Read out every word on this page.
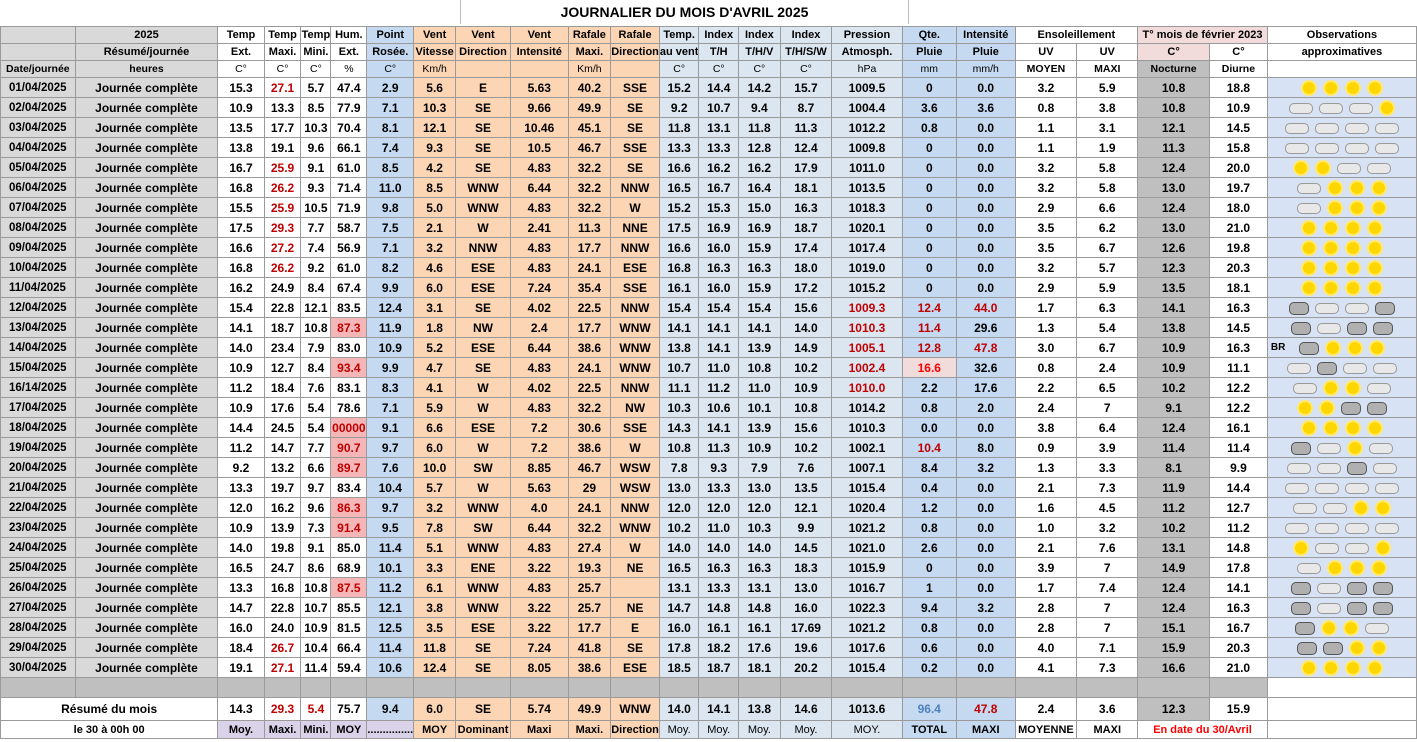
JOURNALIER DU MOIS D'AVRIL 2025
	2025	Temp	Temp	Temp	Hum.	Point	Vent	Vent	Vent	Rafale	Rafale	Temp.	Index	Index	Index	Pression	Qte.	Intensité	Ensoleillement		T° mois de février 2023		Observations
	Résumé/journée	Ext.	Maxi.	Mini.	Ext.	Rosée.	Vitesse	Direction	Intensité	Maxi.	Direction	au vent	T/H	T/H/V	T/H/S/W	Atmosph.	Pluie	Pluie	UV	UV	C°	C°	approximatives
Date/journée	heures	C°	C°	C°	%	C°	Km/h			Km/h		C°	C°	C°	C°	hPa	mm	mm/h	MOYEN	MAXI	Nocturne	Diurne	
01/04/2025	Journée complète	15.3	27.1	5.7	47.4	2.9	5.6	E	5.63	40.2	SSE	15.2	14.4	14.2	15.7	1009.5	0	0.0	3.2	5.9	10.8	18.8	
02/04/2025	Journée complète	10.9	13.3	8.5	77.9	7.1	10.3	SE	9.66	49.9	SE	9.2	10.7	9.4	8.7	1004.4	3.6	3.6	0.8	3.8	10.8	10.9	
03/04/2025	Journée complète	13.5	17.7	10.3	70.4	8.1	12.1	SE	10.46	45.1	SE	11.8	13.1	11.8	11.3	1012.2	0.8	0.0	1.1	3.1	12.1	14.5	
04/04/2025	Journée complète	13.8	19.1	9.6	66.1	7.4	9.3	SE	10.5	46.7	SSE	13.3	13.3	12.8	12.4	1009.8	0	0.0	1.1	1.9	11.3	15.8	
05/04/2025	Journée complète	16.7	25.9	9.1	61.0	8.5	4.2	SE	4.83	32.2	SE	16.6	16.2	16.2	17.9	1011.0	0	0.0	3.2	5.8	12.4	20.0	
06/04/2025	Journée complète	16.8	26.2	9.3	71.4	11.0	8.5	WNW	6.44	32.2	NNW	16.5	16.7	16.4	18.1	1013.5	0	0.0	3.2	5.8	13.0	19.7	
07/04/2025	Journée complète	15.5	25.9	10.5	71.9	9.8	5.0	WNW	4.83	32.2	W	15.2	15.3	15.0	16.3	1018.3	0	0.0	2.9	6.6	12.4	18.0	
08/04/2025	Journée complète	17.5	29.3	7.7	58.7	7.5	2.1	W	2.41	11.3	NNE	17.5	16.9	16.9	18.7	1020.1	0	0.0	3.5	6.2	13.0	21.0	
09/04/2025	Journée complète	16.6	27.2	7.4	56.9	7.1	3.2	NNW	4.83	17.7	NNW	16.6	16.0	15.9	17.4	1017.4	0	0.0	3.5	6.7	12.6	19.8	
10/04/2025	Journée complète	16.8	26.2	9.2	61.0	8.2	4.6	ESE	4.83	24.1	ESE	16.8	16.3	16.3	18.0	1019.0	0	0.0	3.2	5.7	12.3	20.3	
11/04/2025	Journée complète	16.2	24.9	8.4	67.4	9.9	6.0	ESE	7.24	35.4	SSE	16.1	16.0	15.9	17.2	1015.2	0	0.0	2.9	5.9	13.5	18.1	
12/04/2025	Journée complète	15.4	22.8	12.1	83.5	12.4	3.1	SE	4.02	22.5	NNW	15.4	15.4	15.4	15.6	1009.3	12.4	44.0	1.7	6.3	14.1	16.3	
13/04/2025	Journée complète	14.1	18.7	10.8	87.3	11.9	1.8	NW	2.4	17.7	WNW	14.1	14.1	14.1	14.0	1010.3	11.4	29.6	1.3	5.4	13.8	14.5	
14/04/2025	Journée complète	14.0	23.4	7.9	83.0	10.9	5.2	ESE	6.44	38.6	WNW	13.8	14.1	13.9	14.9	1005.1	12.8	47.8	3.0	6.7	10.9	16.3	BR

15/04/2025	Journée complète	10.9	12.7	8.4	93.4	9.9	4.7	SE	4.83	24.1	WNW	10.7	11.0	10.8	10.2	1002.4	16.6	32.6	0.8	2.4	10.9	11.1	
16/14/2025	Journée complète	11.2	18.4	7.6	83.1	8.3	4.1	W	4.02	22.5	NNW	11.1	11.2	11.0	10.9	1010.0	2.2	17.6	2.2	6.5	10.2	12.2	
17/04/2025	Journée complète	10.9	17.6	5.4	78.6	7.1	5.9	W	4.83	32.2	NW	10.3	10.6	10.1	10.8	1014.2	0.8	2.0	2.4	7	9.1	12.2	
18/04/2025	Journée complète	14.4	24.5	5.4	00000	9.1	6.6	ESE	7.2	30.6	SSE	14.3	14.1	13.9	15.6	1010.3	0.0	0.0	3.8	6.4	12.4	16.1	
19/04/2025	Journée complète	11.2	14.7	7.7	90.7	9.7	6.0	W	7.2	38.6	W	10.8	11.3	10.9	10.2	1002.1	10.4	8.0	0.9	3.9	11.4	11.4	
20/04/2025	Journée complète	9.2	13.2	6.6	89.7	7.6	10.0	SW	8.85	46.7	WSW	7.8	9.3	7.9	7.6	1007.1	8.4	3.2	1.3	3.3	8.1	9.9	
21/04/2025	Journée complète	13.3	19.7	9.7	83.4	10.4	5.7	W	5.63	29	WSW	13.0	13.3	13.0	13.5	1015.4	0.4	0.0	2.1	7.3	11.9	14.4	
22/04/2025	Journée complète	12.0	16.2	9.6	86.3	9.7	3.2	WNW	4.0	24.1	NNW	12.0	12.0	12.0	12.1	1020.4	1.2	0.0	1.6	4.5	11.2	12.7	
23/04/2025	Journée complète	10.9	13.9	7.3	91.4	9.5	7.8	SW	6.44	32.2	WNW	10.2	11.0	10.3	9.9	1021.2	0.8	0.0	1.0	3.2	10.2	11.2	
24/04/2025	Journée complète	14.0	19.8	9.1	85.0	11.4	5.1	WNW	4.83	27.4	W	14.0	14.0	14.0	14.5	1021.0	2.6	0.0	2.1	7.6	13.1	14.8	
25/04/2025	Journée complète	16.5	24.7	8.6	68.9	10.1	3.3	ENE	3.22	19.3	NE	16.5	16.3	16.3	18.3	1015.9	0	0.0	3.9	7	14.9	17.8	
26/04/2025	Journée complète	13.3	16.8	10.8	87.5	11.2	6.1	WNW	4.83	25.7		13.1	13.3	13.1	13.0	1016.7	1	0.0	1.7	7.4	12.4	14.1	
27/04/2025	Journée complète	14.7	22.8	10.7	85.5	12.1	3.8	WNW	3.22	25.7	NE	14.7	14.8	14.8	16.0	1022.3	9.4	3.2	2.8	7	12.4	16.3	
28/04/2025	Journée complète	16.0	24.0	10.9	81.5	12.5	3.5	ESE	3.22	17.7	E	16.0	16.1	16.1	17.69	1021.2	0.8	0.0	2.8	7	15.1	16.7	
29/04/2025	Journée complète	18.4	26.7	10.4	66.4	11.4	11.8	SE	7.24	41.8	SE	17.8	18.2	17.6	19.6	1017.6	0.6	0.0	4.0	7.1	15.9	20.3	
30/04/2025	Journée complète	19.1	27.1	11.4	59.4	10.6	12.4	SE	8.05	38.6	ESE	18.5	18.7	18.1	20.2	1015.4	0.2	0.0	4.1	7.3	16.6	21.0	

Résumé du mois		14.3	29.3	5.4	75.7	9.4	6.0	SE	5.74	49.9	WNW	14.0	14.1	13.8	14.6	1013.6	96.4	47.8	2.4	3.6	12.3	15.9	
le 30 à 00h 00		Moy.	Maxi.	Mini.	MOY	...............	MOY	Dominant	Maxi	Maxi.	Direction	Moy.	Moy.	Moy.	Moy.	MOY.	TOTAL	MAXI	MOYENNE	MAXI	En date du 30/Avril		
